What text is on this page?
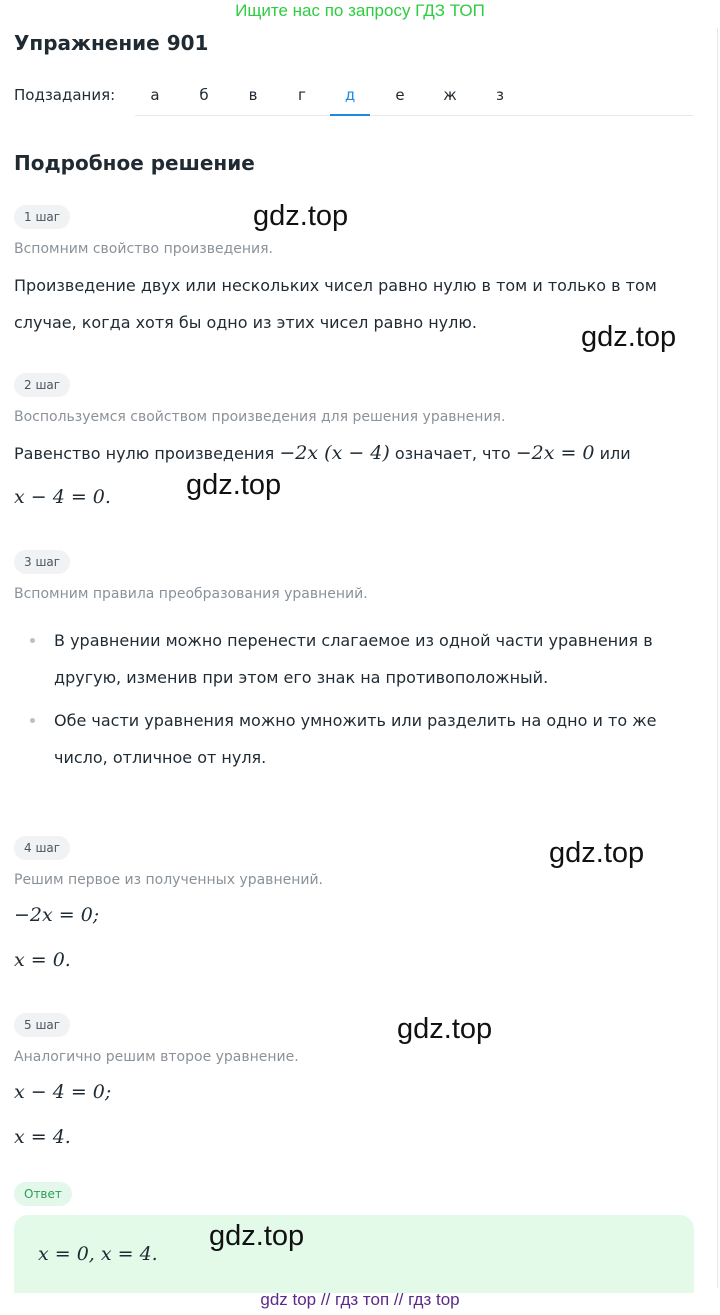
Ищите нас по запросу ГДЗ ТОП
Упражнение 901
Подзадания:	а	б	в	г	д	е	ж	з
Подробное решение
1 шаг
Вспомним свойство произведения.
Произведение двух или нескольких чисел равно нулю в том и только в том случае, когда хотя бы одно из этих чисел равно нулю.
2 шаг
Воспользуемся свойством произведения для решения уравнения.
Равенство нулю произведения −2x (x − 4) означает, что −2x = 0 или
x − 4 = 0.
3 шаг
Вспомним правила преобразования уравнений.
В уравнении можно перенести слагаемое из одной части уравнения в другую, изменив при этом его знак на противоположный.
Обе части уравнения можно умножить или разделить на одно и то же число, отличное от нуля.
4 шаг
Решим первое из полученных уравнений.
−2x = 0;
x = 0.
5 шаг
Аналогично решим второе уравнение.
x − 4 = 0;
x = 4.
Ответ
x = 0, x = 4.
gdz.top
gdz.top
gdz.top
gdz.top
gdz.top
gdz.top
gdz top // гдз топ // гдз top
